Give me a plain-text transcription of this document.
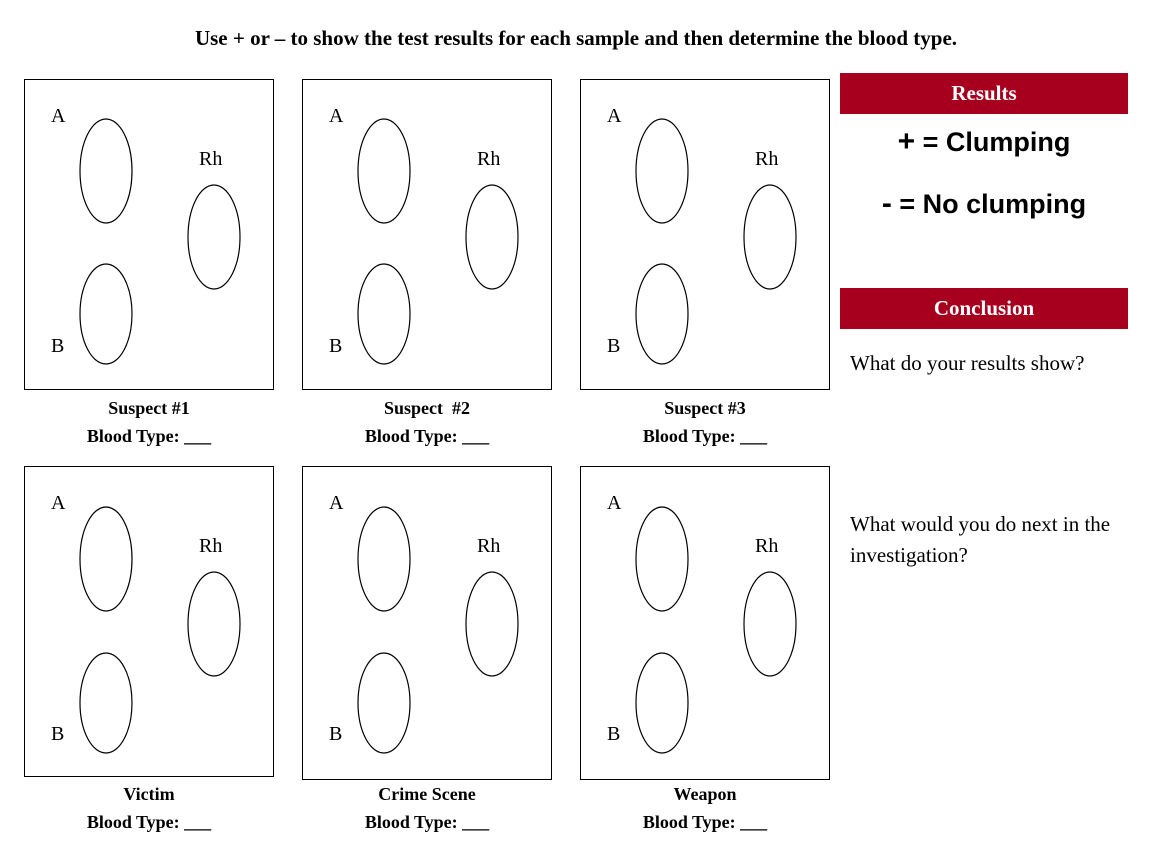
Use + or – to show the test results for each sample and then determine the blood type.
A
B
Rh
Suspect #1
Blood Type: ___
A
B
Rh
Suspect  #2
Blood Type: ___
A
B
Rh
Suspect #3
Blood Type: ___
A
B
Rh
Victim
Blood Type: ___
A
B
Rh
Crime Scene
Blood Type: ___
A
B
Rh
Weapon
Blood Type: ___
Results
+ = Clumping
- = No clumping
Conclusion
What do your results show?
What would you do next in the investigation?
